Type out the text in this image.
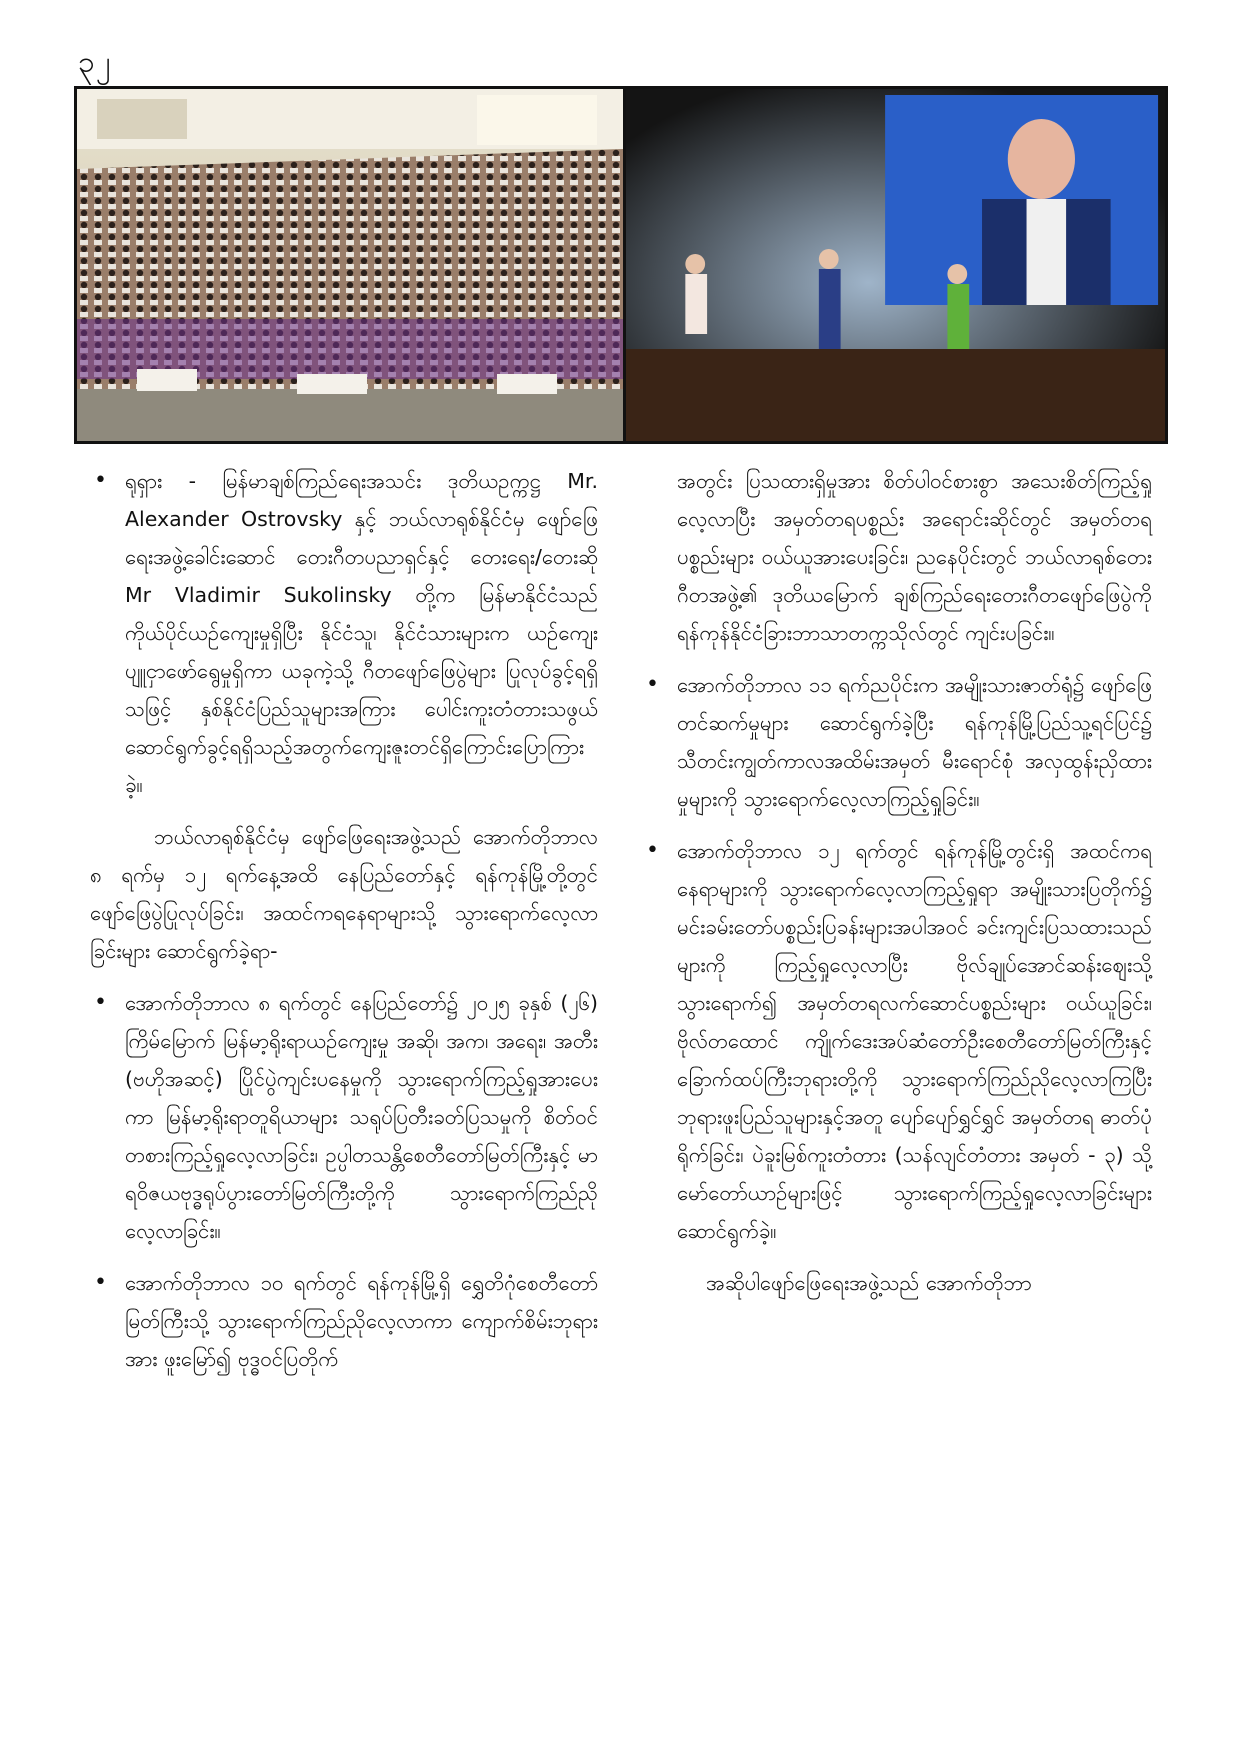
၃၂

• ရုရှား - မြန်မာချစ်ကြည်ရေးအသင်း ဒုတိယဥက္ကဋ္ဌ Mr. Alexander Ostrovsky နှင့် ဘယ်လာရုစ်နိုင်ငံမှ ဖျော်ဖြေရေးအဖွဲ့ခေါင်းဆောင် တေးဂီတပညာရှင်နှင့် တေးရေး/တေးဆို Mr Vladimir Sukolinsky တို့က မြန်မာနိုင်ငံသည် ကိုယ်ပိုင်ယဉ်ကျေးမှုရှိပြီး နိုင်ငံသူ၊ နိုင်ငံသားများက ယဉ်ကျေး ပျူငှာဖော်ရွေမှုရှိကာ ယခုကဲ့သို့ ဂီတဖျော်ဖြေပွဲများ ပြုလုပ်ခွင့်ရရှိသဖြင့် နှစ်နိုင်ငံပြည်သူများအကြား ပေါင်းကူးတံတားသဖွယ် ဆောင်ရွက်ခွင့်ရရှိသည့်အတွက်ကျေးဇူးတင်ရှိကြောင်းပြောကြားခဲ့။

ဘယ်လာရုစ်နိုင်ငံမှ ဖျော်ဖြေရေးအဖွဲ့သည် အောက်တိုဘာလ ၈ ရက်မှ ၁၂ ရက်နေ့အထိ နေပြည်တော်နှင့် ရန်ကုန်မြို့တို့တွင် ဖျော်ဖြေပွဲပြုလုပ်ခြင်း၊ အထင်ကရနေရာများသို့ သွားရောက်လေ့လာခြင်းများ ဆောင်ရွက်ခဲ့ရာ-

• အောက်တိုဘာလ ၈ ရက်တွင် နေပြည်တော်၌ ၂၀၂၅ ခုနှစ် (၂၆) ကြိမ်မြောက် မြန်မာ့ရိုးရာယဉ်ကျေးမှု အဆို၊ အက၊ အရေး၊ အတီး (ဗဟိုအဆင့်) ပြိုင်ပွဲကျင်းပနေမှုကို သွားရောက်ကြည့်ရှုအားပေးကာ မြန်မာ့ရိုးရာတူရိယာများ သရုပ်ပြတီးခတ်ပြသမှုကို စိတ်ဝင်တစားကြည့်ရှုလေ့လာခြင်း၊ ဥပ္ပါတသန္တိစေတီတော်မြတ်ကြီးနှင့် မာရဝိဇယဗုဒ္ဓရုပ်ပွားတော်မြတ်ကြီးတို့ကို သွားရောက်ကြည်ညိုလေ့လာခြင်း။

• အောက်တိုဘာလ ၁၀ ရက်တွင် ရန်ကုန်မြို့ရှိ ရွှေတိဂုံစေတီတော်မြတ်ကြီးသို့ သွားရောက်ကြည်ညိုလေ့လာကာ ကျောက်စိမ်းဘုရားအား ဖူးမြော်၍ ဗုဒ္ဓဝင်ပြတိုက်

အတွင်း ပြသထားရှိမှုအား စိတ်ပါဝင်စားစွာ အသေးစိတ်ကြည့်ရှုလေ့လာပြီး အမှတ်တရပစ္စည်း အရောင်းဆိုင်တွင် အမှတ်တရပစ္စည်းများ ဝယ်ယူအားပေးခြင်း၊ ညနေပိုင်းတွင် ဘယ်လာရုစ်တေးဂီတအဖွဲ့၏ ဒုတိယမြောက် ချစ်ကြည်ရေးတေးဂီတဖျော်ဖြေပွဲကို ရန်ကုန်နိုင်ငံခြားဘာသာတက္ကသိုလ်တွင် ကျင်းပခြင်း။

• အောက်တိုဘာလ ၁၁ ရက်ညပိုင်းက အမျိုးသားဇာတ်ရုံ၌ ဖျော်ဖြေတင်ဆက်မှုများ ဆောင်ရွက်ခဲ့ပြီး ရန်ကုန်မြို့ပြည်သူ့ရင်ပြင်၌ သီတင်းကျွတ်ကာလအထိမ်းအမှတ် မီးရောင်စုံ အလှထွန်းညှိထားမှုများကို သွားရောက်လေ့လာကြည့်ရှုခြင်း။

• အောက်တိုဘာလ ၁၂ ရက်တွင် ရန်ကုန်မြို့တွင်းရှိ အထင်ကရနေရာများကို သွားရောက်လေ့လာကြည့်ရှုရာ အမျိုးသားပြတိုက်၌ မင်းခမ်းတော်ပစ္စည်းပြခန်းများအပါအဝင် ခင်းကျင်းပြသထားသည်များကို ကြည့်ရှုလေ့လာပြီး ဗိုလ်ချုပ်အောင်ဆန်းဈေးသို့ သွားရောက်၍ အမှတ်တရလက်ဆောင်ပစ္စည်းများ ဝယ်ယူခြင်း၊ ဗိုလ်တထောင် ကျိုက်ဒေးအပ်ဆံတော်ဦးစေတီတော်မြတ်ကြီးနှင့် ခြောက်ထပ်ကြီးဘုရားတို့ကို သွားရောက်ကြည်ညိုလေ့လာကြပြီး ဘုရားဖူးပြည်သူများနှင့်အတူ ပျော်ပျော်ရွှင်ရွှင် အမှတ်တရ ဓာတ်ပုံရိုက်ခြင်း၊ ပဲခူးမြစ်ကူးတံတား (သန်လျင်တံတား အမှတ် - ၃) သို့ မော်တော်ယာဉ်များဖြင့် သွားရောက်ကြည့်ရှုလေ့လာခြင်းများ ဆောင်ရွက်ခဲ့။

အဆိုပါဖျော်ဖြေရေးအဖွဲ့သည် အောက်တိုဘာ
